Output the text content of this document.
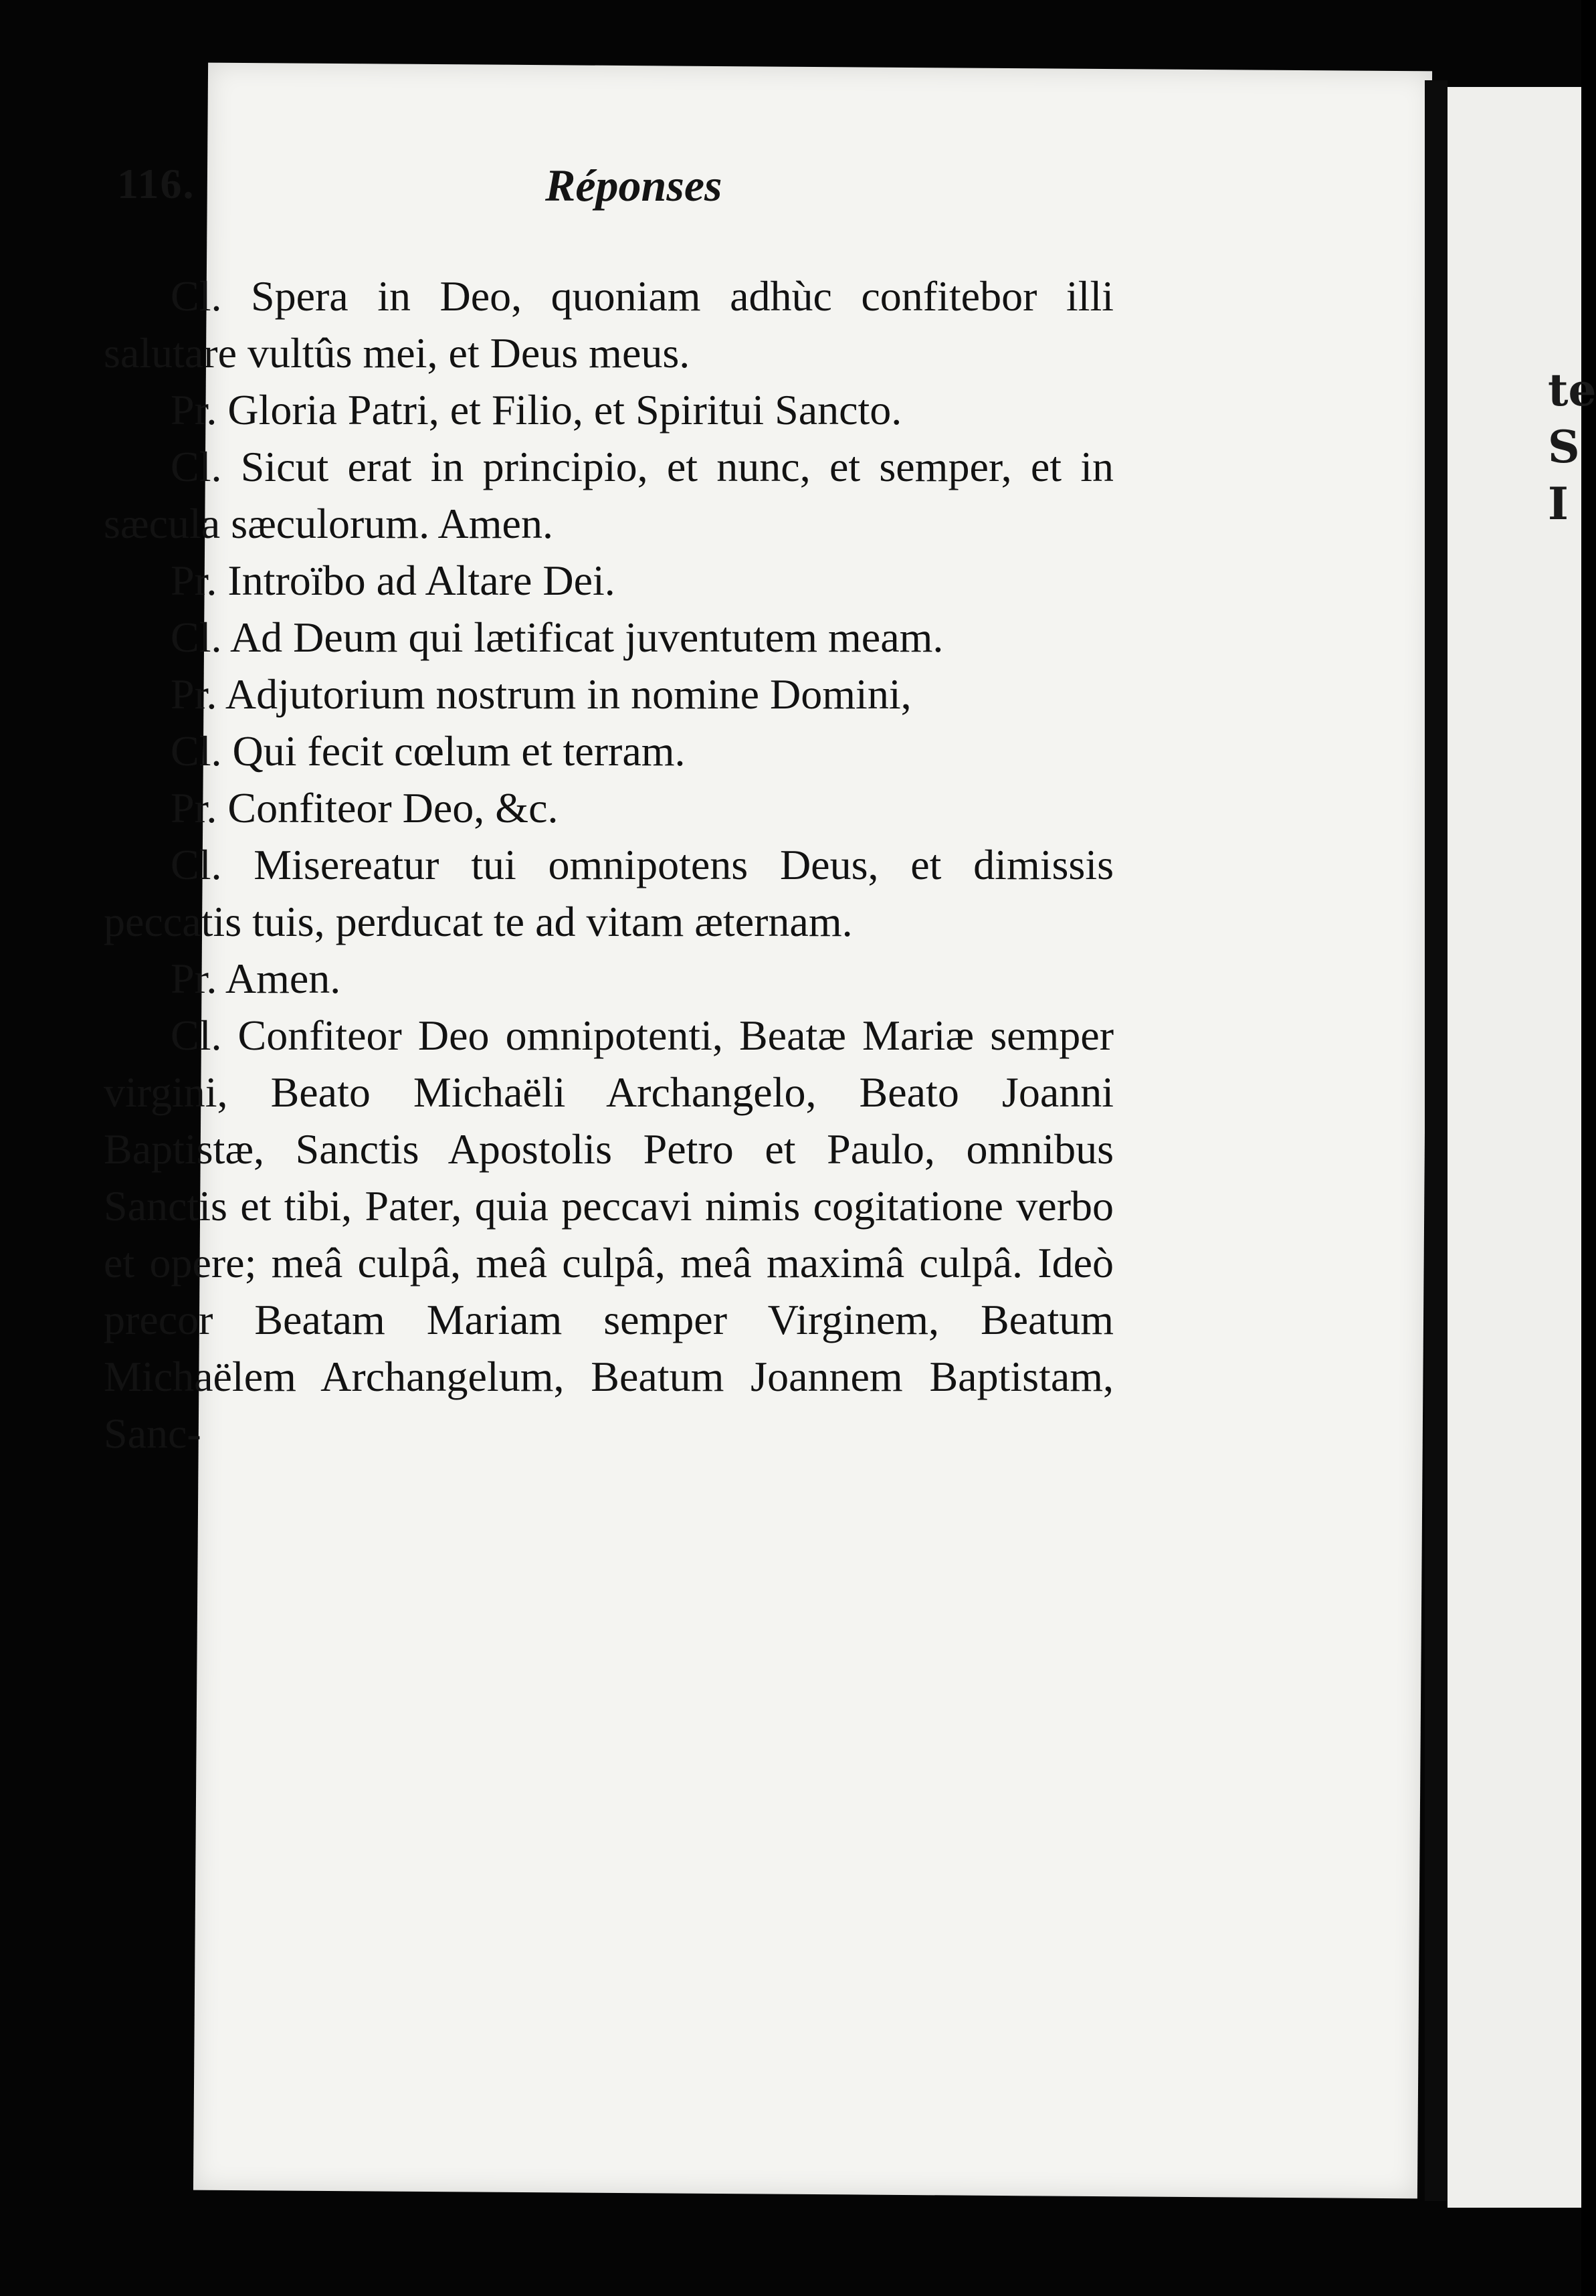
te
S
I
116.	Réponses

Cl. Spera in Deo, quoniam adhùc confitebor illi salutare vultûs mei, et Deus meus.

Pr. Gloria Patri, et Filio, et Spiritui Sancto.

Cl. Sicut erat in principio, et nunc, et semper, et in sæcula sæculorum. Amen.

Pr. Introïbo ad Altare Dei.

Cl. Ad Deum qui lætificat juventutem meam.

Pr. Adjutorium nostrum in nomine Domini,

Cl. Qui fecit cœlum et terram.

Pr. Confiteor Deo, &c.

Cl. Misereatur tui omnipotens Deus, et dimissis peccatis tuis, perducat te ad vitam æternam.

Pr. Amen.

Cl. Confiteor Deo omnipotenti, Beatæ Mariæ semper virgini, Beato Michaëli Archangelo, Beato Joanni Baptistæ, Sanctis Apostolis Petro et Paulo, omnibus Sanctis et tibi, Pater, quia peccavi nimis cogitatione verbo et opere; meâ culpâ, meâ culpâ, meâ maximâ culpâ. Ideò precor Beatam Mariam semper Virginem, Beatum Michaëlem Archangelum, Beatum Joannem Baptistam, Sanc-
